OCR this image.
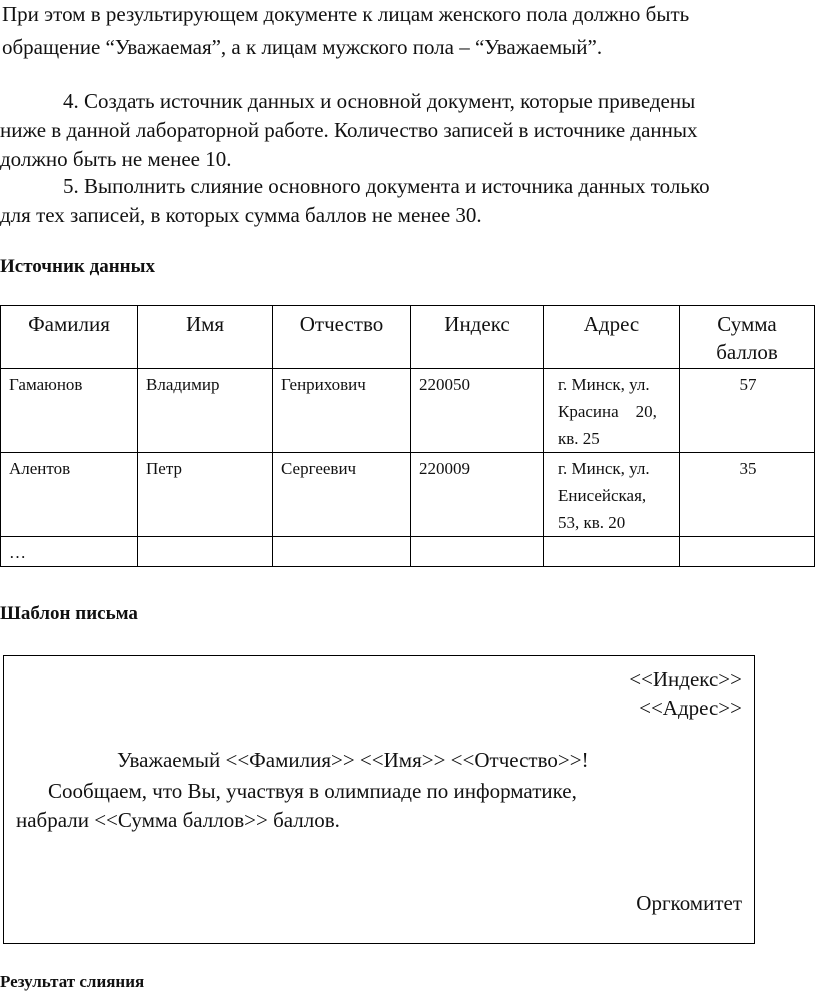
При этом в результирующем документе к лицам женского пола должно быть
обращение “Уважаемая”, а к лицам мужского пола – “Уважаемый”.
4. Создать источник данных и основной документ, которые приведены
ниже в данной лабораторной работе. Количество записей в источнике данных
должно быть не менее 10.
5. Выполнить слияние основного документа и источника данных только
для тех записей, в которых сумма баллов не менее 30.
Источник данных
Фамилия	Имя	Отчество	Индекс	Адрес	Сумма баллов
Гамаюнов	Владимир	Генрихович	220050	г. Минск, ул.
Красина    20,
кв. 25	57
Алентов	Петр	Сергеевич	220009	г. Минск, ул.
Енисейская,
53, кв. 20	35
…					
Шаблон письма
<<Индекс>>
<<Адрес>>
Уважаемый <<Фамилия>> <<Имя>> <<Отчество>>!
Сообщаем, что Вы, участвуя в олимпиаде по информатике,
набрали <<Сумма баллов>> баллов.
Оргкомитет
Результат слияния
